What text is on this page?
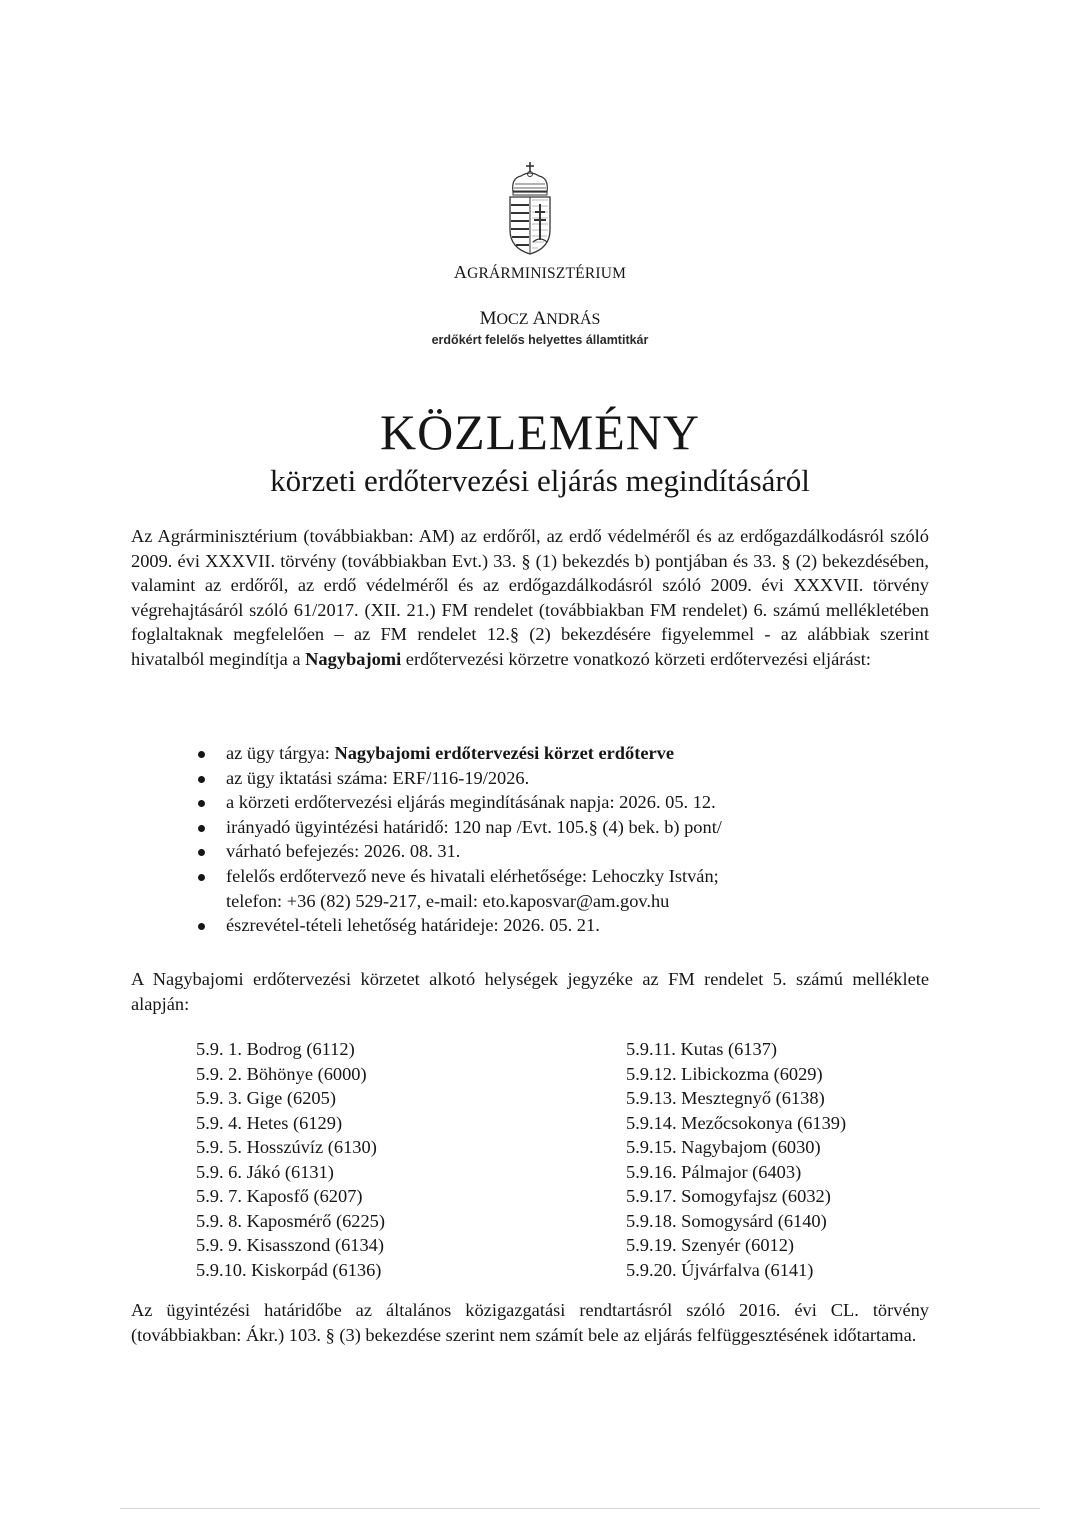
AGRÁRMINISZTÉRIUM
MOCZ ANDRÁS
erdőkért felelős helyettes államtitkár
KÖZLEMÉNY
körzeti erdőtervezési eljárás megindításáról
Az Agrárminisztérium (továbbiakban: AM) az erdőről, az erdő védelméről és az erdőgazdálkodásról szóló 2009. évi XXXVII. törvény (továbbiakban Evt.) 33. § (1) bekezdés b) pontjában és 33. § (2) bekezdésében, valamint az erdőről, az erdő védelméről és az erdőgazdálkodásról szóló 2009. évi XXXVII. törvény végrehajtásáról szóló 61/2017. (XII. 21.) FM rendelet (továbbiakban FM rendelet) 6. számú mellékletében foglaltaknak megfelelően – az FM rendelet 12.§ (2) bekezdésére figyelemmel - az alábbiak szerint hivatalból megindítja a Nagybajomi erdőtervezési körzetre vonatkozó körzeti erdőtervezési eljárást:
az ügy tárgya: Nagybajomi erdőtervezési körzet erdőterve
az ügy iktatási száma: ERF/116-19/2026.
a körzeti erdőtervezési eljárás megindításának napja: 2026. 05. 12.
irányadó ügyintézési határidő: 120 nap /Evt. 105.§ (4) bek. b) pont/
várható befejezés: 2026. 08. 31.
felelős erdőtervező neve és hivatali elérhetősége: Lehoczky István;
telefon: +36 (82) 529-217, e-mail: eto.kaposvar@am.gov.hu
észrevétel-tételi lehetőség határideje: 2026. 05. 21.
A Nagybajomi erdőtervezési körzetet alkotó helységek jegyzéke az FM rendelet 5. számú melléklete alapján:
5.9. 1. Bodrog (6112)
5.9. 2. Böhönye (6000)
5.9. 3. Gige (6205)
5.9. 4. Hetes (6129)
5.9. 5. Hosszúvíz (6130)
5.9. 6. Jákó (6131)
5.9. 7. Kaposfő (6207)
5.9. 8. Kaposmérő (6225)
5.9. 9. Kisasszond (6134)
5.9.10. Kiskorpád (6136)
5.9.11. Kutas (6137)
5.9.12. Libickozma (6029)
5.9.13. Mesztegnyő (6138)
5.9.14. Mezőcsokonya (6139)
5.9.15. Nagybajom (6030)
5.9.16. Pálmajor (6403)
5.9.17. Somogyfajsz (6032)
5.9.18. Somogysárd (6140)
5.9.19. Szenyér (6012)
5.9.20. Újvárfalva (6141)
Az ügyintézési határidőbe az általános közigazgatási rendtartásról szóló 2016. évi CL. törvény (továbbiakban: Ákr.) 103. § (3) bekezdése szerint nem számít bele az eljárás felfüggesztésének időtartama.
